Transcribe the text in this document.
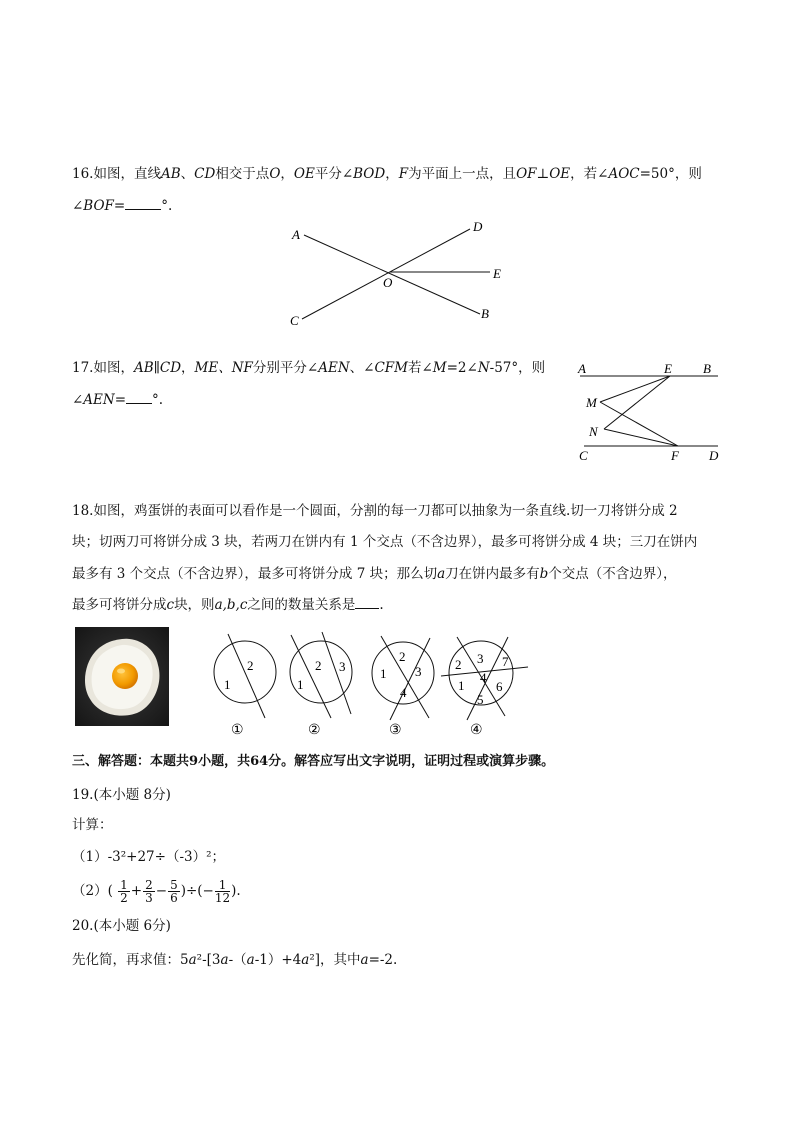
16.如图，直线AB、CD相交于点O，OE平分∠BOD，F为平面上一点，且OF⊥OE，若∠AOC=50°，则
∠BOF=	°.
A
D
E
O
C	B
17.如图，AB∥CD，ME、NF分别平分∠AEN、∠CFM若∠M=2∠N-57°，则
∠AEN= °.
A	E B
M
N
C	F D
18.如图，鸡蛋饼的表面可以看作是一个圆面，分割的每一刀都可以抽象为一条直线.切一刀将饼分成 2
块；切两刀可将饼分成 3 块，若两刀在饼内有 1 个交点（不含边界），最多可将饼分成 4 块；三刀在饼内
最多有 3 个交点（不含边界），最多可将饼分成 7 块；那么切a刀在饼内最多有b个交点（不含边界），
最多可将饼分成c块，则a,b,c之间的数量关系是 .
2
1
①
2 3
1
②
2
1 3
4
③
2 3 7
1
4
6
5
④
三、解答题：本题共9小题，共64分。解答应写出文字说明，证明过程或演算步骤。
19.(本小题 8分)
计算：
（1）-3²+27÷（-3）²；
$(2)( \frac{1}{2} + \frac{2}{3} - \frac{5}{6}$ )÷(− $\frac{1}{12}$ ).
20.(本小题 6分)
先化简，再求值：5a²-[3a-（a-1）+4a²]，其中a=-2.
